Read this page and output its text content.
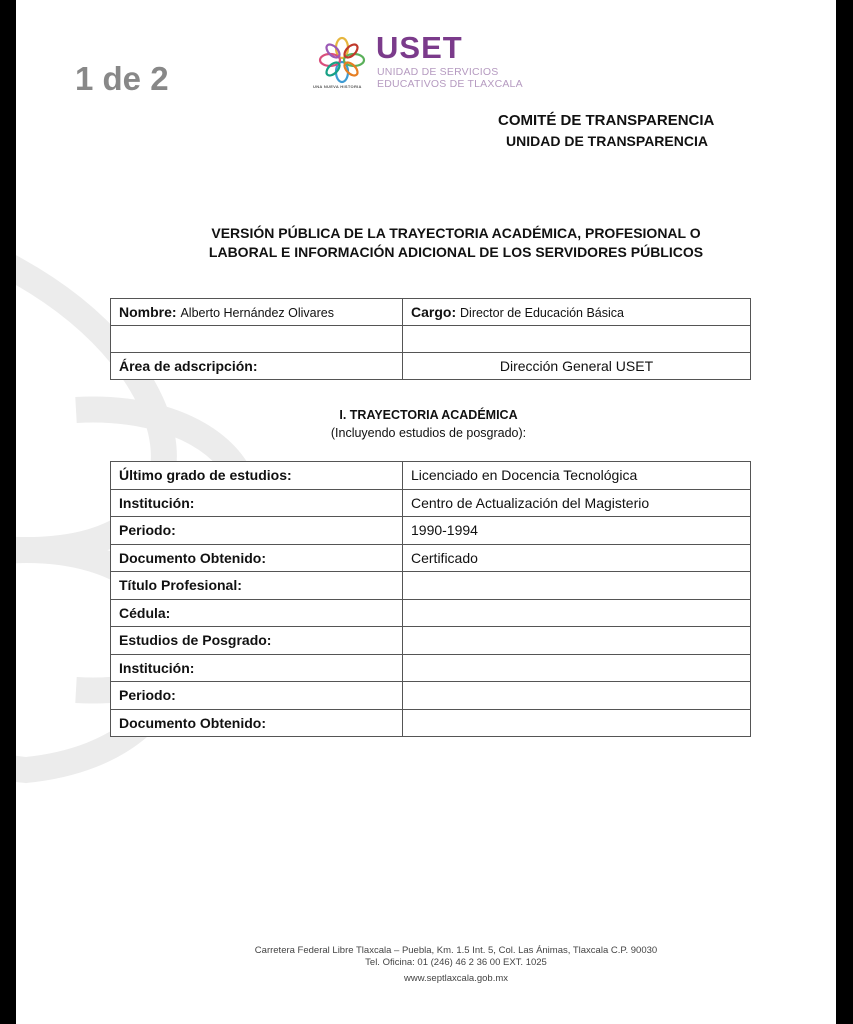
1 de 2	UNA NUEVA HISTORIA
USET
UNIDAD DE SERVICIOS
EDUCATIVOS DE TLAXCALA
COMITÉ DE TRANSPARENCIA
UNIDAD DE TRANSPARENCIA
VERSIÓN PÚBLICA DE LA TRAYECTORIA ACADÉMICA, PROFESIONAL O
LABORAL E INFORMACIÓN ADICIONAL DE LOS SERVIDORES PÚBLICOS
Nombre: Alberto Hernández Olivares	Cargo: Director de Educación Básica

Área de adscripción:	Dirección General USET
I. TRAYECTORIA ACADÉMICA
(Incluyendo estudios de posgrado):
Último grado de estudios:	Licenciado en Docencia Tecnológica
Institución:	Centro de Actualización del Magisterio
Periodo:	1990-1994
Documento Obtenido:	Certificado
Título Profesional:	
Cédula:	
Estudios de Posgrado:	
Institución:	
Periodo:	
Documento Obtenido:	
Carretera Federal Libre Tlaxcala – Puebla, Km. 1.5 Int. 5, Col. Las Ánimas, Tlaxcala C.P. 90030
Tel. Oficina: 01 (246) 46 2 36 00 EXT. 1025
www.septlaxcala.gob.mx
